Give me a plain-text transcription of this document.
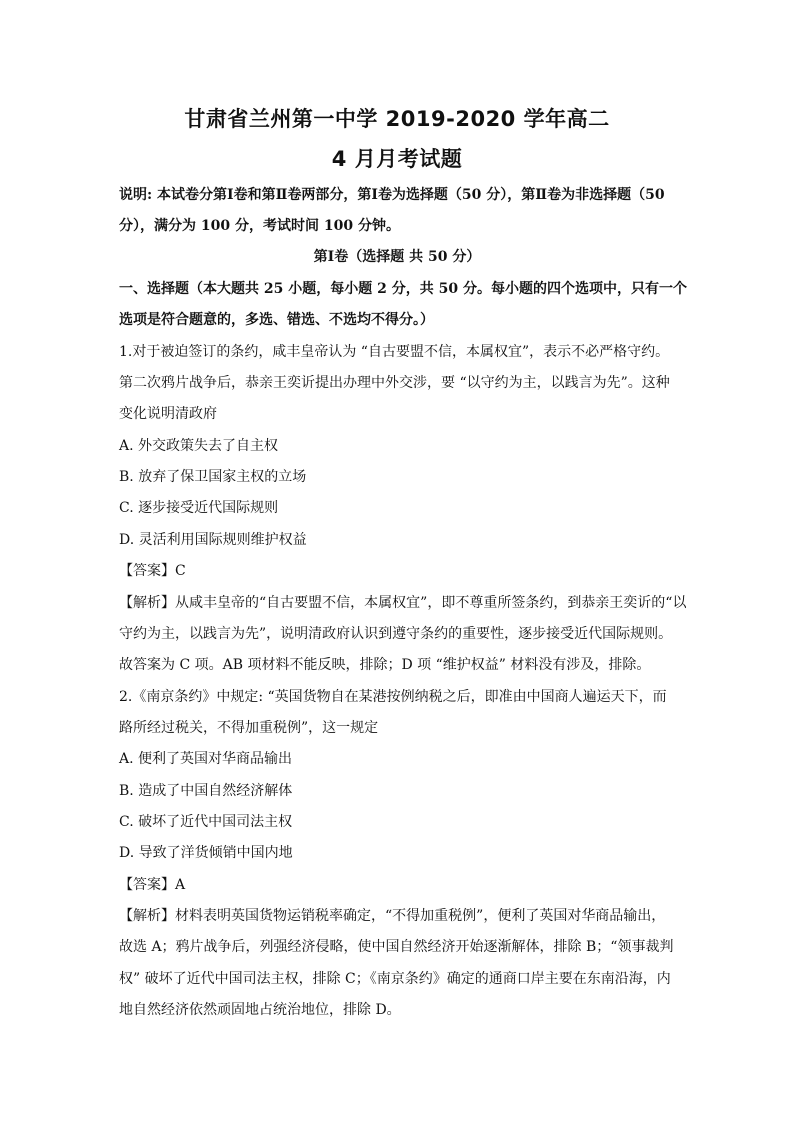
甘肃省兰州第一中学 2019-2020 学年高二
4 月月考试题
说明: 本试卷分第Ⅰ卷和第Ⅱ卷两部分，第Ⅰ卷为选择题（50 分），第Ⅱ卷为非选择题（50
分），满分为 100 分，考试时间 100 分钟。
第Ⅰ卷（选择题 共 50 分）
一、选择题（本大题共 25 小题，每小题 2 分，共 50 分。每小题的四个选项中，只有一个
选项是符合题意的，多选、错选、不选均不得分。）
1.对于被迫签订的条约，咸丰皇帝认为 “自古要盟不信，本属权宜”，表示不必严格守约。
第二次鸦片战争后，恭亲王奕䜣提出办理中外交涉，要 “以守约为主，以践言为先”。这种
变化说明清政府
A. 外交政策失去了自主权
B. 放弃了保卫国家主权的立场
C. 逐步接受近代国际规则
D. 灵活利用国际规则维护权益
【答案】C
【解析】从咸丰皇帝的“自古要盟不信，本属权宜”，即不尊重所签条约，到恭亲王奕䜣的“以
守约为主，以践言为先”，说明清政府认识到遵守条约的重要性，逐步接受近代国际规则。
故答案为 C 项。AB 项材料不能反映，排除；D 项 “维护权益” 材料没有涉及，排除。
2.《南京条约》中规定: “英国货物自在某港按例纳税之后，即准由中国商人遍运天下，而
路所经过税关，不得加重税例”，这一规定
A. 便利了英国对华商品输出
B. 造成了中国自然经济解体
C. 破坏了近代中国司法主权
D. 导致了洋货倾销中国内地
【答案】A
【解析】材料表明英国货物运销税率确定，“不得加重税例”，便利了英国对华商品输出，
故选 A；鸦片战争后，列强经济侵略，使中国自然经济开始逐渐解体，排除 B；“领事裁判
权” 破坏了近代中国司法主权，排除 C；《南京条约》确定的通商口岸主要在东南沿海，内
地自然经济依然顽固地占统治地位，排除 D。
